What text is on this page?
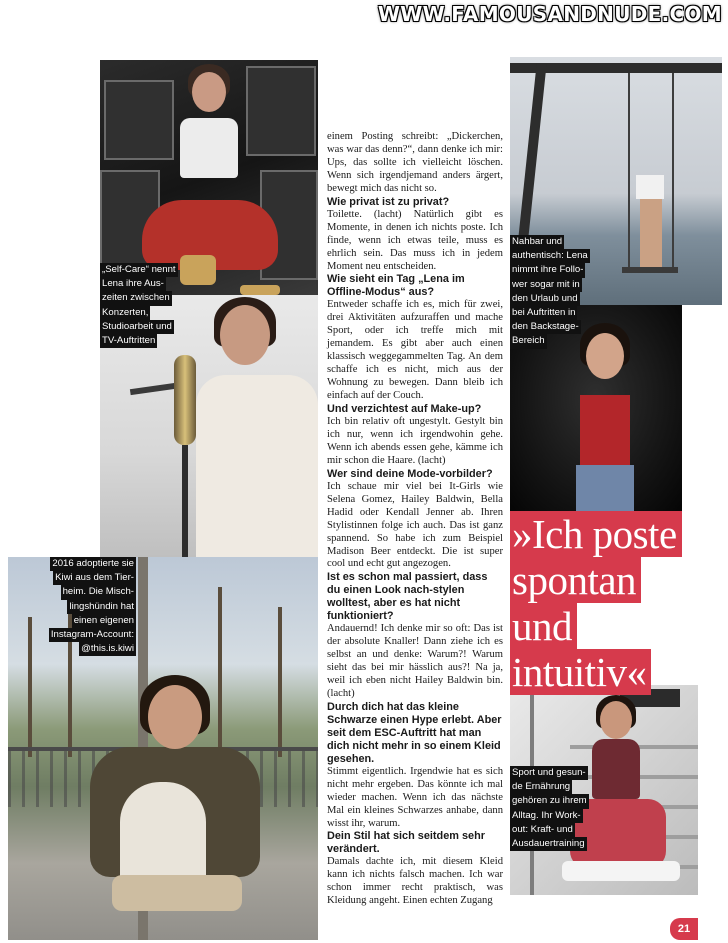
WWW.FAMOUSANDNUDE.COM
„Self-Care“ nennt
Lena ihre Aus-
zeiten zwischen
Konzerten,
Studioarbeit und
TV-Auftritten
2016 adoptierte sie
Kiwi aus dem Tier-
heim. Die Misch-
lingshündin hat
einen eigenen
Instagram-Account:
@this.is.kiwi
Nahbar und
authentisch: Lena
nimmt ihre Follo-
wer sogar mit in
den Urlaub und
bei Auftritten in
den Backstage-
Bereich
Sport und gesun-
de Ernährung
gehören zu ihrem
Alltag. Ihr Work-
out: Kraft- und
Ausdauertraining

einem Posting schreibt: „Dickerchen, was war das denn?“, dann denke ich mir: Ups, das sollte ich vielleicht löschen. Wenn sich irgendjemand anders ärgert, bewegt mich das nicht so.

Wie privat ist zu privat?

Toilette. (lacht) Natürlich gibt es Momente, in denen ich nichts poste. Ich finde, wenn ich etwas teile, muss es ehrlich sein. Das muss ich in jedem Moment neu entscheiden.

Wie sieht ein Tag „Lena im Offline-Modus“ aus?

Entweder schaffe ich es, mich für zwei, drei Aktivitäten aufzuraffen und mache Sport, oder ich treffe mich mit jemandem. Es gibt aber auch einen klassisch weggegammelten Tag. An dem schaffe ich es nicht, mich aus der Wohnung zu bewegen. Dann bleib ich einfach auf der Couch.

Und verzichtest auf Make-up?

Ich bin relativ oft ungestylt. Gestylt bin ich nur, wenn ich irgendwohin gehe. Wenn ich abends essen gehe, kämme ich mir schon die Haare. (lacht)

Wer sind deine Mode-vorbilder?

Ich schaue mir viel bei It-Girls wie Selena Gomez, Hailey Baldwin, Bella Hadid oder Kendall Jenner ab. Ihren Stylistinnen folge ich auch. Das ist ganz spannend. So habe ich zum Beispiel Madison Beer entdeckt. Die ist super cool und echt gut angezogen.

Ist es schon mal passiert, dass du einen Look nach-stylen wolltest, aber es hat nicht funktioniert?

Andauernd! Ich denke mir so oft: Das ist der absolute Knaller! Dann ziehe ich es selbst an und denke: Warum?! Warum sieht das bei mir hässlich aus?! Na ja, weil ich eben nicht Hailey Baldwin bin. (lacht)

Durch dich hat das kleine Schwarze einen Hype erlebt. Aber seit dem ESC-Auftritt hat man dich nicht mehr in so einem Kleid gesehen.

Stimmt eigentlich. Irgendwie hat es sich nicht mehr ergeben. Das könnte ich mal wieder machen. Wenn ich das nächste Mal ein kleines Schwarzes anhabe, dann wisst ihr, warum.

Dein Stil hat sich seitdem sehr verändert.

Damals dachte ich, mit diesem Kleid kann ich nichts falsch machen. Ich war schon immer recht praktisch, was Kleidung angeht. Einen echten Zugang

»Ich poste
spontan
und
intuitiv«
21
